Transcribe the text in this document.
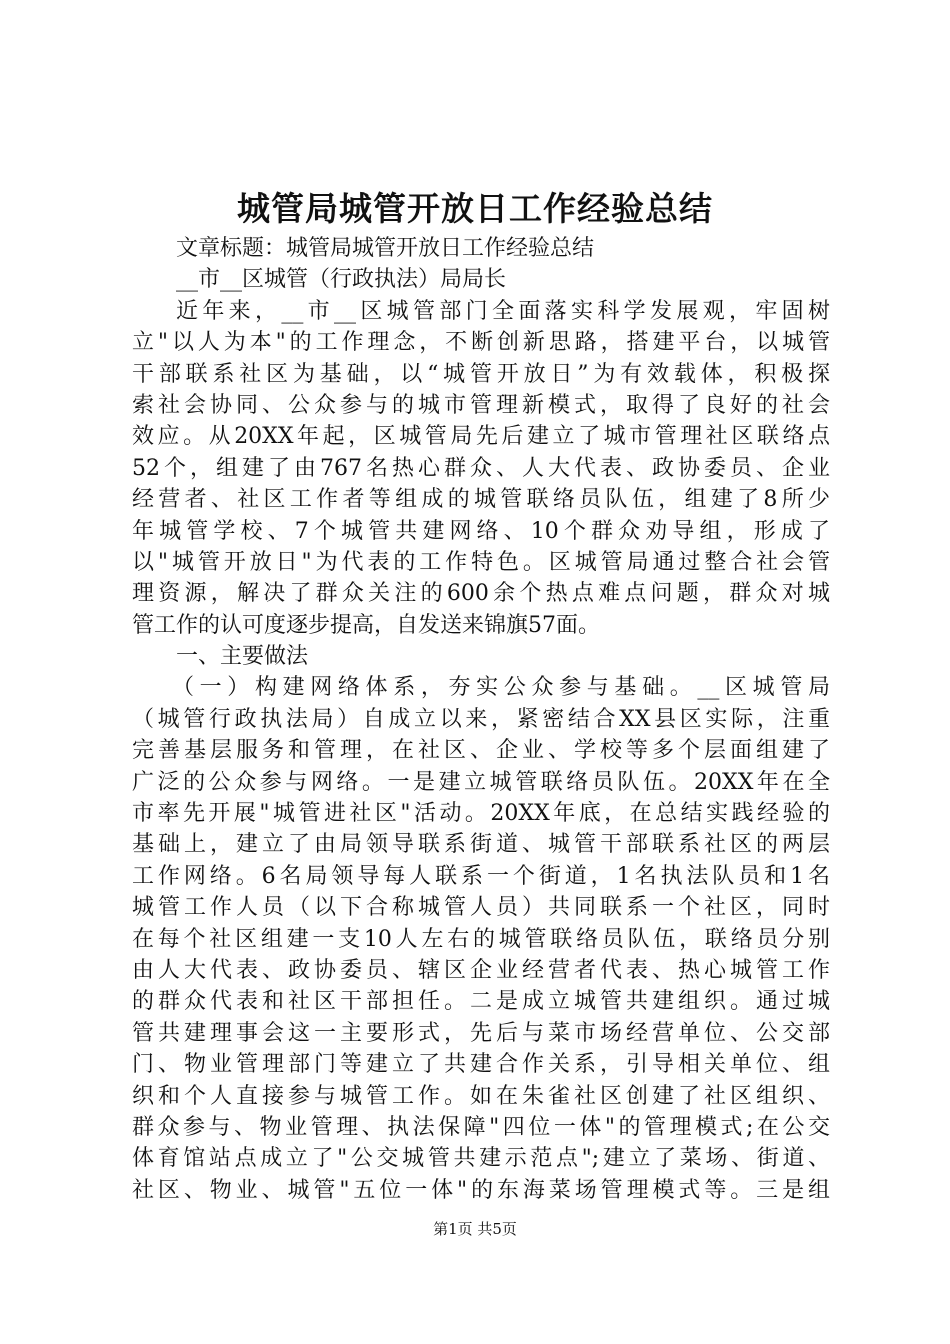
城管局城管开放日工作经验总结
文章标题：城管局城管开放日工作经验总结
__市__区城管（行政执法）局局长
近年来，__市__区城管部门全面落实科学发展观，牢固树
立"以人为本"的工作理念，不断创新思路，搭建平台，以城管
干部联系社区为基础，以“城管开放日”为有效载体，积极探
索社会协同、公众参与的城市管理新模式，取得了良好的社会
效应。从20XX年起，区城管局先后建立了城市管理社区联络点
52个，组建了由767名热心群众、人大代表、政协委员、企业
经营者、社区工作者等组成的城管联络员队伍，组建了8所少
年城管学校、7个城管共建网络、10个群众劝导组，形成了
以"城管开放日"为代表的工作特色。区城管局通过整合社会管
理资源，解决了群众关注的600余个热点难点问题，群众对城
管工作的认可度逐步提高，自发送来锦旗57面。
一、主要做法
（一）构建网络体系，夯实公众参与基础。__区城管局
（城管行政执法局）自成立以来，紧密结合XX县区实际，注重
完善基层服务和管理，在社区、企业、学校等多个层面组建了
广泛的公众参与网络。一是建立城管联络员队伍。20XX年在全
市率先开展"城管进社区"活动。20XX年底，在总结实践经验的
基础上，建立了由局领导联系街道、城管干部联系社区的两层
工作网络。6名局领导每人联系一个街道，1名执法队员和1名
城管工作人员（以下合称城管人员）共同联系一个社区，同时
在每个社区组建一支10人左右的城管联络员队伍，联络员分别
由人大代表、政协委员、辖区企业经营者代表、热心城管工作
的群众代表和社区干部担任。二是成立城管共建组织。通过城
管共建理事会这一主要形式，先后与菜市场经营单位、公交部
门、物业管理部门等建立了共建合作关系，引导相关单位、组
织和个人直接参与城管工作。如在朱雀社区创建了社区组织、
群众参与、物业管理、执法保障"四位一体"的管理模式;在公交
体育馆站点成立了"公交城管共建示范点";建立了菜场、街道、
社区、物业、城管"五位一体"的东海菜场管理模式等。三是组
第1页 共5页
